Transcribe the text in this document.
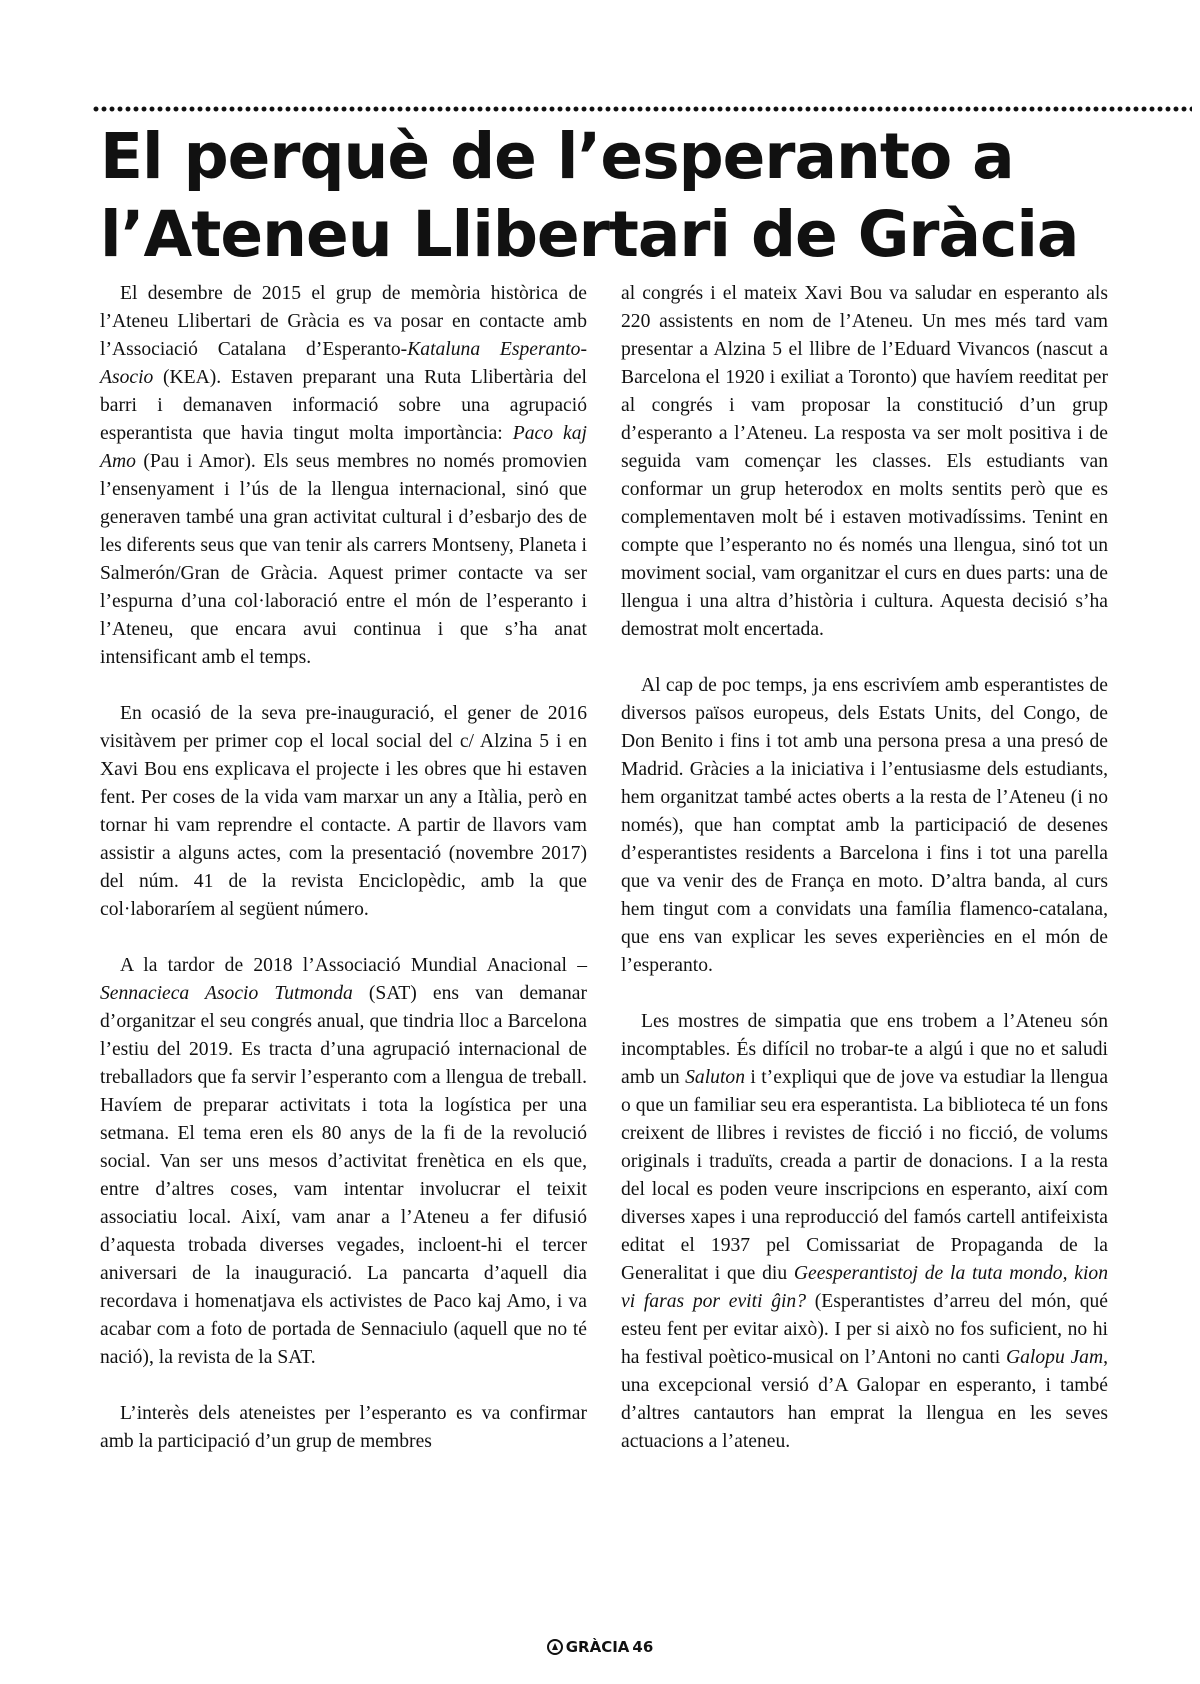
El perquè de l’esperanto a l’Ateneu Llibertari de Gràcia

El desembre de 2015 el grup de memòria històrica de l’Ateneu Llibertari de Gràcia es va posar en contacte amb l’Associació Catalana d’Esperanto-Kataluna Esperanto-Asocio (KEA). Estaven preparant una Ruta Llibertària del barri i demanaven informació sobre una agrupació esperantista que havia tingut molta importància: Paco kaj Amo (Pau i Amor). Els seus membres no només promovien l’ensenyament i l’ús de la llengua internacional, sinó que generaven també una gran activitat cultural i d’esbarjo des de les diferents seus que van tenir als carrers Montseny, Planeta i Salmerón/Gran de Gràcia. Aquest primer contacte va ser l’espurna d’una col·laboració entre el món de l’esperanto i l’Ateneu, que encara avui continua i que s’ha anat intensificant amb el temps.

En ocasió de la seva pre-inauguració, el gener de 2016 visitàvem per primer cop el local social del c/ Alzina 5 i en Xavi Bou ens explicava el projecte i les obres que hi estaven fent. Per coses de la vida vam marxar un any a Itàlia, però en tornar hi vam reprendre el contacte. A partir de llavors vam assistir a alguns actes, com la presentació (novembre 2017) del núm. 41 de la revista Enciclopèdic, amb la que col·laboraríem al següent número.

A la tardor de 2018 l’Associació Mundial Anacional – Sennacieca Asocio Tutmonda (SAT) ens van demanar d’organitzar el seu congrés anual, que tindria lloc a Barcelona l’estiu del 2019. Es tracta d’una agrupació internacional de treballadors que fa servir l’esperanto com a llengua de treball. Havíem de preparar activitats i tota la logística per una setmana. El tema eren els 80 anys de la fi de la revolució social. Van ser uns mesos d’activitat frenètica en els que, entre d’altres coses, vam intentar involucrar el teixit associatiu local. Així, vam anar a l’Ateneu a fer difusió d’aquesta trobada diverses vegades, incloent-hi el tercer aniversari de la inauguració. La pancarta d’aquell dia recordava i homenatjava els activistes de Paco kaj Amo, i va acabar com a foto de portada de Sennaciulo (aquell que no té nació), la revista de la SAT.

L’interès dels ateneistes per l’esperanto es va confirmar amb la participació d’un grup de membres

al congrés i el mateix Xavi Bou va saludar en esperanto als 220 assistents en nom de l’Ateneu. Un mes més tard vam presentar a Alzina 5 el llibre de l’Eduard Vivancos (nascut a Barcelona el 1920 i exiliat a Toronto) que havíem reeditat per al congrés i vam proposar la constitució d’un grup d’esperanto a l’Ateneu. La resposta va ser molt positiva i de seguida vam començar les classes. Els estudiants van conformar un grup heterodox en molts sentits però que es complementaven molt bé i estaven motivadíssims. Tenint en compte que l’esperanto no és només una llengua, sinó tot un moviment social, vam organitzar el curs en dues parts: una de llengua i una altra d’història i cultura. Aquesta decisió s’ha demostrat molt encertada.

Al cap de poc temps, ja ens escrivíem amb esperantistes de diversos països europeus, dels Estats Units, del Congo, de Don Benito i fins i tot amb una persona presa a una presó de Madrid. Gràcies a la iniciativa i l’entusiasme dels estudiants, hem organitzat també actes oberts a la resta de l’Ateneu (i no només), que han comptat amb la participació de desenes d’esperantistes residents a Barcelona i fins i tot una parella que va venir des de França en moto. D’altra banda, al curs hem tingut com a convidats una família flamenco-catalana, que ens van explicar les seves experiències en el món de l’esperanto.

Les mostres de simpatia que ens trobem a l’Ateneu són incomptables. És difícil no trobar-te a algú i que no et saludi amb un Saluton i t’expliqui que de jove va estudiar la llengua o que un familiar seu era esperantista. La biblioteca té un fons creixent de llibres i revistes de ficció i no ficció, de volums originals i traduïts, creada a partir de donacions. I a la resta del local es poden veure inscripcions en esperanto, així com diverses xapes i una reproducció del famós cartell antifeixista editat el 1937 pel Comissariat de Propaganda de la Generalitat i que diu Geesperantistoj de la tuta mondo, kion vi faras por eviti ĝin? (Esperantistes d’arreu del món, qué esteu fent per evitar això). I per si això no fos suficient, no hi ha festival poètico-musical on l’Antoni no canti Galopu Jam, una excepcional versió d’A Galopar en esperanto, i també d’altres cantautors han emprat la llengua en les seves actuacions a l’ateneu.

GRÀCIA 46
